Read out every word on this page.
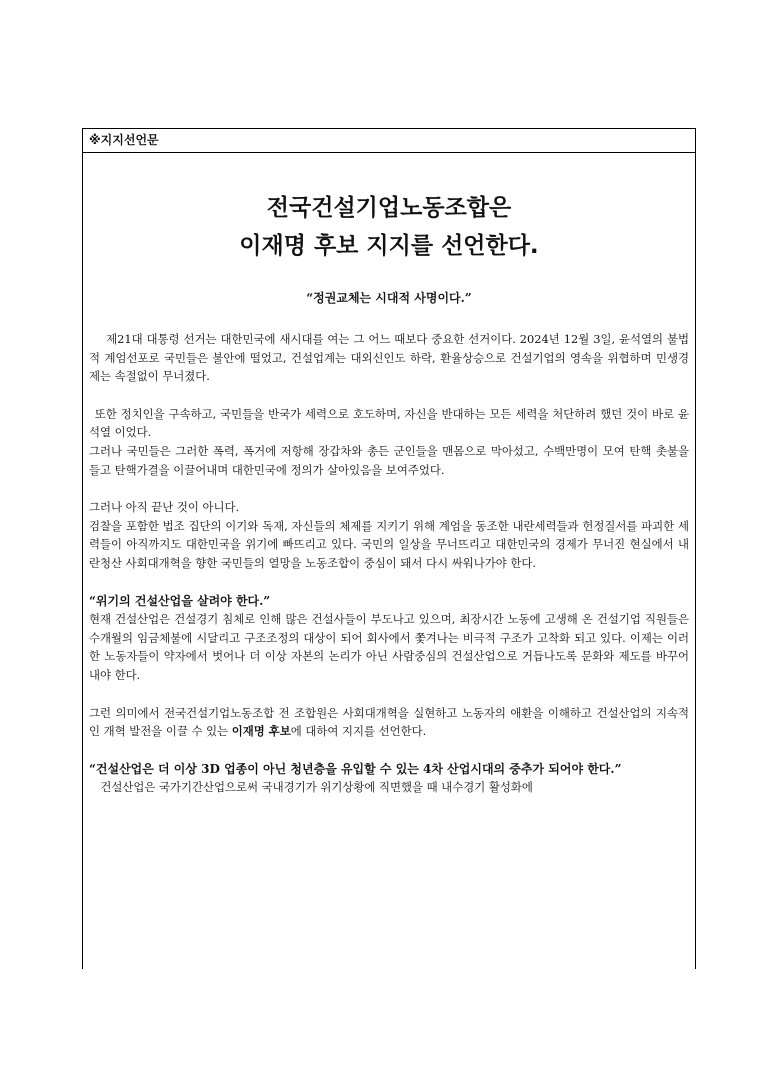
※지지선언문
전국건설기업노동조합은
이재명 후보 지지를 선언한다.
“정권교체는 시대적 사명이다.”

제21대 대통령 선거는 대한민국에 새시대를 여는 그 어느 때보다 중요한 선거이다. 2024년 12월 3일, 윤석열의 불법적 계엄선포로 국민들은 불안에 떨었고, 건설업계는 대외신인도 하락, 환율상승으로 건설기업의 영속을 위협하며 민생경제는 속절없이 무너졌다.

또한 정치인을 구속하고, 국민들을 반국가 세력으로 호도하며, 자신을 반대하는 모든 세력을 처단하려 했던 것이 바로 윤석열 이었다.

그러나 국민들은 그러한 폭력, 폭거에 저항해 장갑차와 총든 군인들을 맨몸으로 막아섰고, 수백만명이 모여 탄핵 촛불을 들고 탄핵가결을 이끌어내며 대한민국에 정의가 살아있음을 보여주었다.

그러나 아직 끝난 것이 아니다.

검찰을 포함한 법조 집단의 이기와 독재, 자신들의 체제를 지키기 위해 계엄을 동조한 내란세력들과 헌정질서를 파괴한 세력들이 아직까지도 대한민국을 위기에 빠뜨리고 있다. 국민의 일상을 무너뜨리고 대한민국의 경제가 무너진 현실에서 내란청산 사회대개혁을 향한 국민들의 열망을 노동조합이 중심이 돼서 다시 싸워나가야 한다.

“위기의 건설산업을 살려야 한다.”

현재 건설산업은 건설경기 침체로 인해 많은 건설사들이 부도나고 있으며, 최장시간 노동에 고생해 온 건설기업 직원들은 수개월의 임금체불에 시달리고 구조조정의 대상이 되어 회사에서 쫓겨나는 비극적 구조가 고착화 되고 있다. 이제는 이러한 노동자들이 약자에서 벗어나 더 이상 자본의 논리가 아닌 사람중심의 건설산업으로 거듭나도록 문화와 제도를 바꾸어내야 한다.

그런 의미에서 전국건설기업노동조합 전 조합원은 사회대개혁을 실현하고 노동자의 애환을 이해하고 건설산업의 지속적인 개혁 발전을 이끌 수 있는 이재명 후보에 대하여 지지를 선언한다.

“건설산업은 더 이상 3D 업종이 아닌 청년층을 유입할 수 있는 4차 산업시대의 중추가 되어야 한다.”

건설산업은 국가기간산업으로써 국내경기가 위기상황에 직면했을 때 내수경기 활성화에
